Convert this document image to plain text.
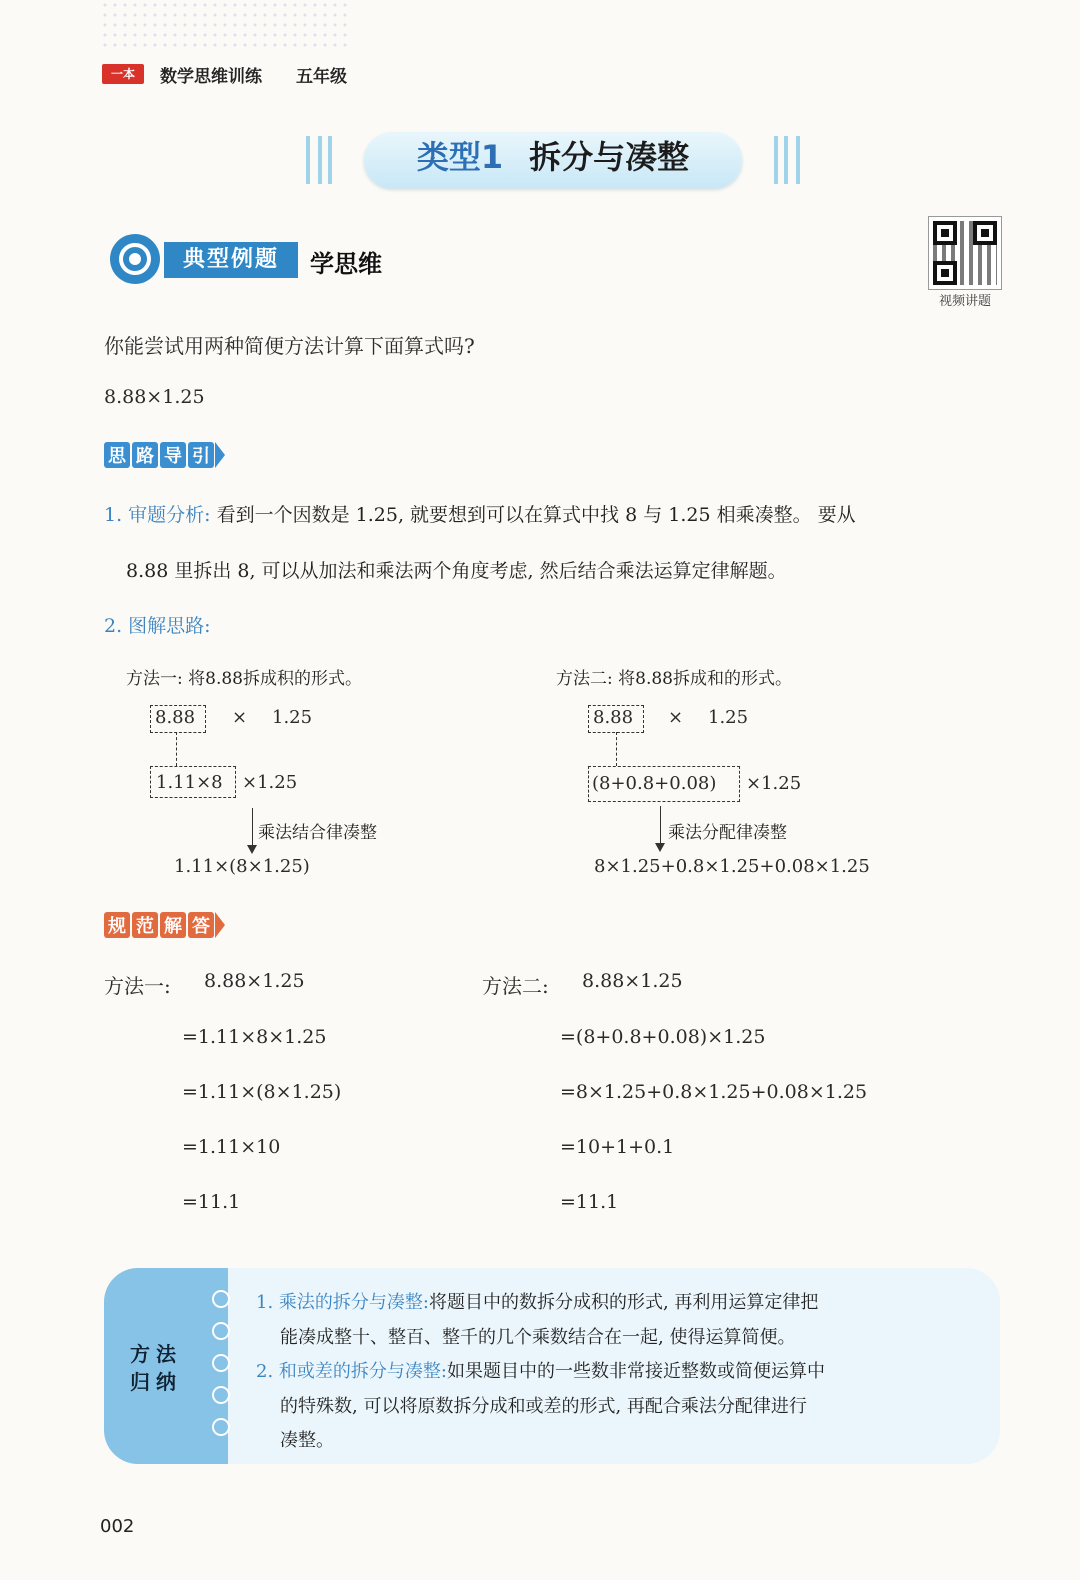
一本	数学思维训练 五年级
类型1 拆分与凑整
典型例题	学思维
视频讲题
你能尝试用两种简便方法计算下面算式吗?
8.88×1.25
思 路 导 引
1. 审题分析: 看到一个因数是 1.25, 就要想到可以在算式中找 8 与 1.25 相乘凑整。 要从
8.88 里拆出 8, 可以从加法和乘法两个角度考虑, 然后结合乘法运算定律解题。
2. 图解思路:
方法一: 将8.88拆成积的形式。
8.88 × 1.25
1.11×8 ×1.25
乘法结合律凑整
1.11×(8×1.25)
方法二: 将8.88拆成和的形式。
8.88 × 1.25
(8+0.8+0.08) ×1.25
乘法分配律凑整
8×1.25+0.8×1.25+0.08×1.25
规 范 解 答
方法一: 8.88×1.25
=1.11×8×1.25
=1.11×(8×1.25)
=1.11×10
=11.1
方法二: 8.88×1.25
=(8+0.8+0.08)×1.25
=8×1.25+0.8×1.25+0.08×1.25
=10+1+0.1
=11.1
方法归纳
1. 乘法的拆分与凑整:将题目中的数拆分成积的形式, 再利用运算定律把
能凑成整十、整百、整千的几个乘数结合在一起, 使得运算简便。
2. 和或差的拆分与凑整:如果题目中的一些数非常接近整数或简便运算中
的特殊数, 可以将原数拆分成和或差的形式, 再配合乘法分配律进行
凑整。
002
